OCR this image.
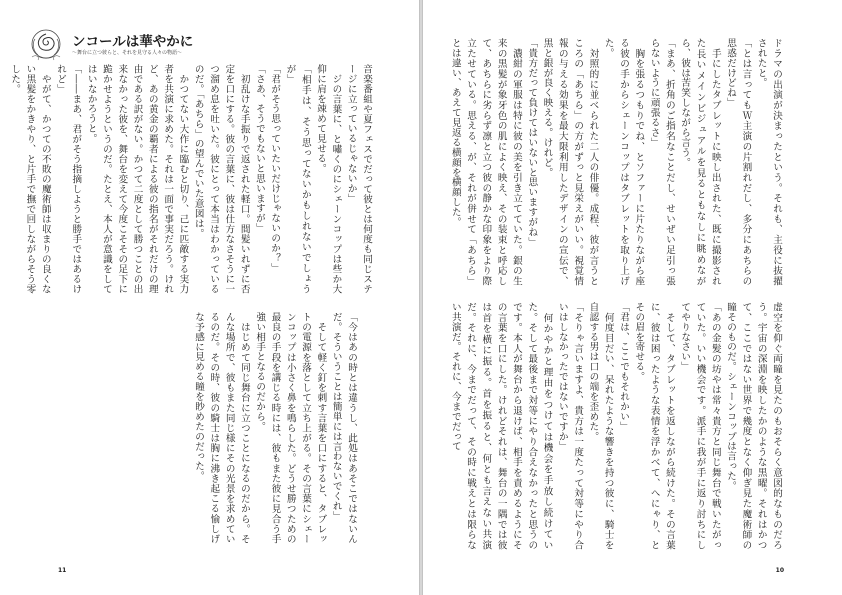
ンコールは華やかに
〜舞台に立つ彼らと、それを見守る人々の物語〜
音楽番組や夏フェスでだって彼とは何度も同じステージに立っているじゃないか」
　ジの言葉に、と嘯くのにシェーンコップは些か大仰に肩を竦めて見せる。
「相手は、そう思ってないかもしれないでしょうが」
「君がそう思っていたいだけじゃないのか？」
「さあ、そうでもないと思いますが」
　初乱けな手振りで返された軽口。間髪いれずに否定を口にする。彼の言葉に、彼は仕方なさそうに一つ溜め息を吐いた。彼にとって本当はわかっているのだ。「あちら」の望んでいた意図は。
　かつてない大作に臨むと切り、己に匹敵する実力者を共演に求めた。それは一面で事実だろう。けれど、あの黄金の覇者による彼の指名がそれだけの理由である訳がない。かつて二度として勝つことの出来なかった彼を、舞台を変えて今度こそその足下に跪かせようというのだ。たとえ、本人が意識をしてはいなかろうと。
「――まあ、君がそう指摘しようと勝手ではあるけれど」
　やがて、かつての不敗の魔術師は収まりの良くない黒髪をかきやり、と片手で撫で回しながらそう零した。
「今はあの時とは違うし、此処はあそこではないんだ。そういうことは簡単には言わないでくれ」
　そして軽く釘を刺す言葉を口にすると、タブレットの電源を落として立ち上がる。その言葉にシェーンコップは小さく鼻を鳴らした。どうせ勝つための最良の手段を講じる時には、彼もまた彼に見合う手強い相手となるのだから。
　はじめて同じ舞台に立つことになるのだから。そんな場所で、彼もまた同じ様にその光景を求めているのだ。その時、彼の騎士は胸に沸き起こる愉しげな予感に見める瞳を眇めたのだった。
11
ドラマの出演が決まったという。それも、主役に抜擢されたと。
「とは言ってもＷ主演の片割れだし、多分にあちらの思惑だけどね」
　手にしたタブレットに映し出された、既に撮影された長いメインビジュアルを見るともなしに眺めながら、彼は苦笑しながら言う。
「まあ、折角のご指名なことだし、せいぜい足引っ張らないように頑張るさ」
　胸を張るつもりでね、とソファーに片たりながら座る彼の手からシェーンコップはタブレットを取り上げた。
　対照的に並べられた二人の俳優。成程、彼が言うところの「あちら」の方がずっと見栄えがいい。視覚情報の与える効果を最大限利用したデザインの宣伝で、黒と銀が良く映える。けれど。
「貴方だって負けてはいないと思いますがね」
　濃紺の軍服は特に彼の美を引き立てていた。銀の生来の黒髪が象牙色の肌によく映え、その装束と呼応して、あちらに劣らず凛と立つ彼の静かな印象をより際立たせている。思える、が、それが併せて「あちら」とは違い、あえて見返る横顔を横顔した。
虚空を仰ぐ両瞳を見たのもおそらく意図的なものだろう。宇宙の深淵を映したかのような黒曜。それはかつて、ここではない世界で幾度となく仰ぎ見た魔術師の瞳そのものだ。シェーンコップは言った。
「あの金髪の坊やは常々貴方と同じ舞台で戦いたがっていた。いい機会です。派手に我が手に返り討ちにしてやりなさい」
　そして、タブレットを返しながら続けた。その言葉に、彼は困ったような表情を浮かべて、へにゃり、とその眉を寄せる。
「君は、ここでもそれかい」
　何度目だい、呆れたような響きを持つ彼に、騎士を自認する男は口の端を歪めた。
「そりゃ言いますよ、貴方は一度たって対等にやり合いはしなかったではないですか」
　何かやかと理由をつけては機会を手放し続けていた。そして最後まで対等にやり合えなかったと思うのです。本人が舞台から退けば、相手を責めるようにその言葉を口にした。けれどそれは、舞台の一隅では彼は首を横に振る。首を振ると、何とも言えない共演だ。それに、今までだって、その時に戦えとは限らない共演だ。それに、今までだって
10
